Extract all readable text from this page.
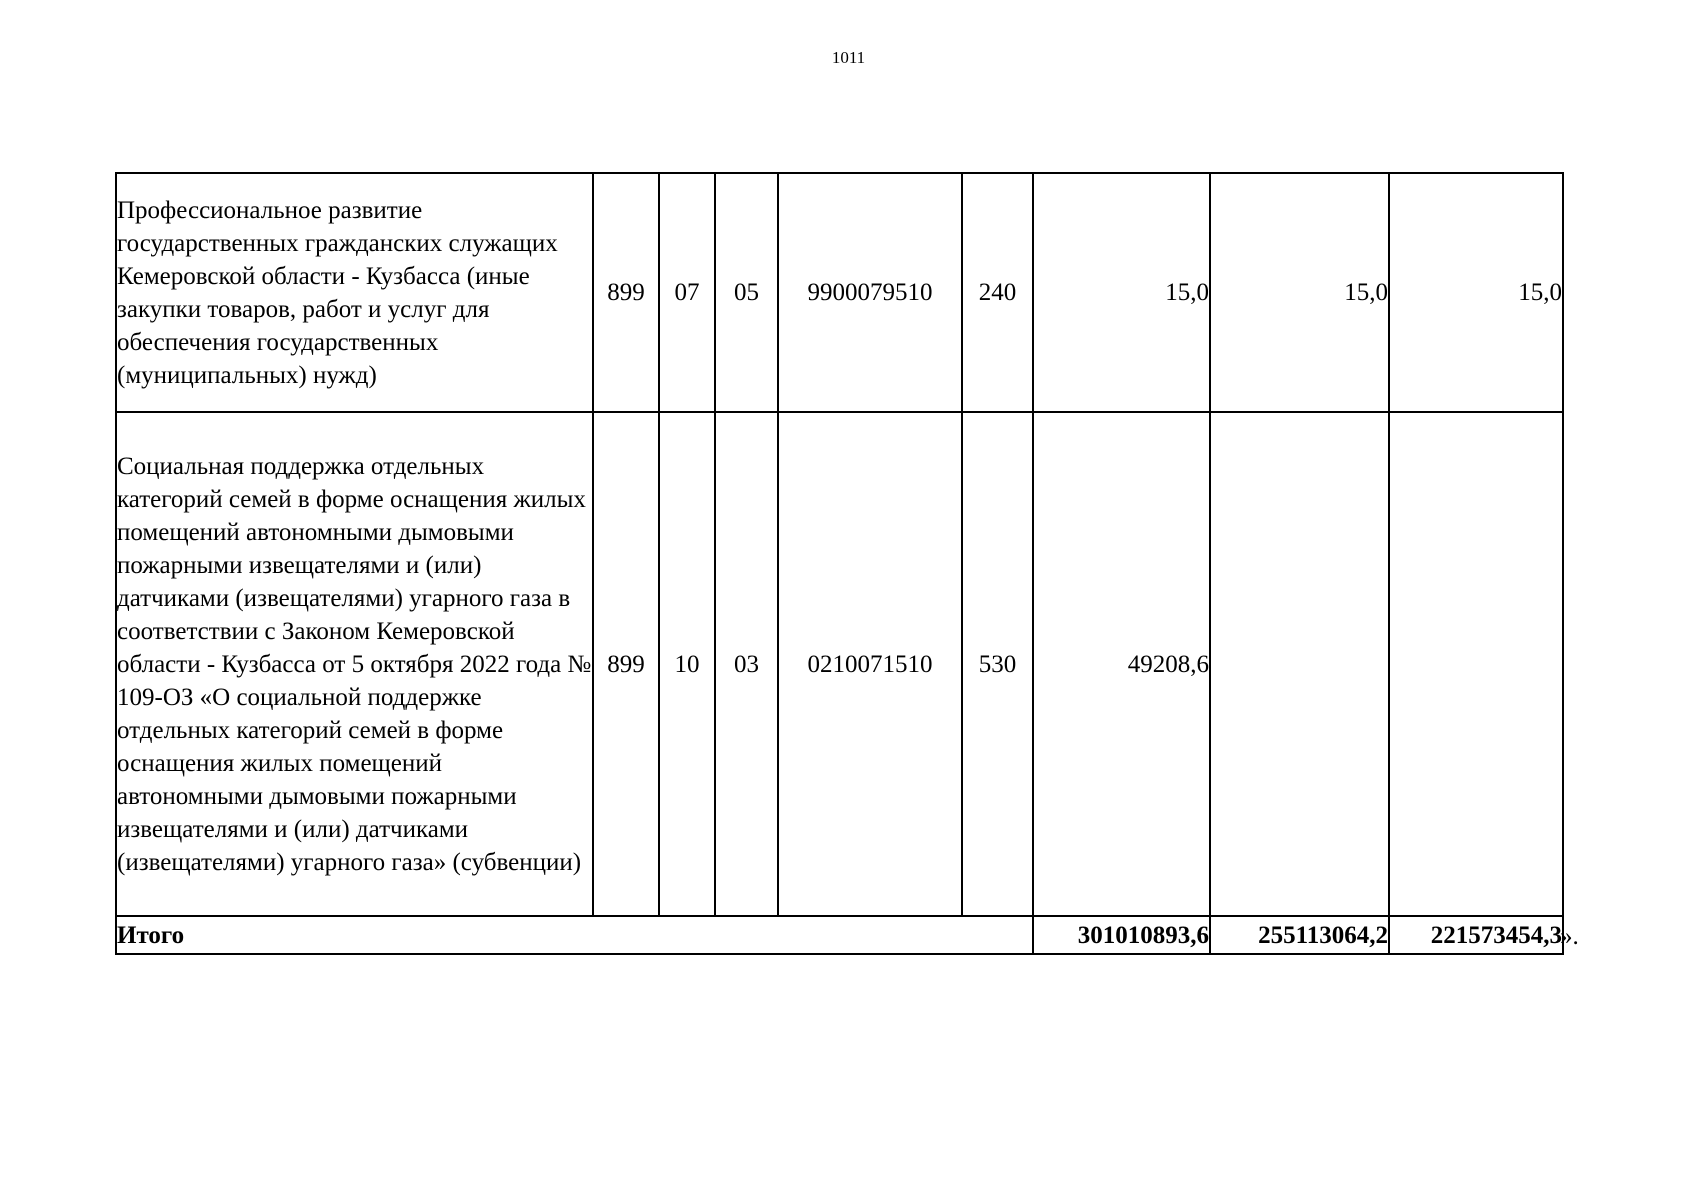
1011
Профессиональное развитие государственных гражданских служащих Кемеровской области - Кузбасса (иные закупки товаров, работ и услуг для обеспечения государственных (муниципальных) нужд)	899	07	05	9900079510	240	15,0	15,0	15,0

Социальная поддержка отдельных категорий семей в форме оснащения жилых помещений автономными дымовыми пожарными извещателями и (или) датчиками (извещателями) угарного газа в соответствии с Законом Кемеровской области - Кузбасса от 5 октября 2022 года № 109-ОЗ «О социальной поддержке отдельных категорий семей в форме оснащения жилых помещений автономными дымовыми пожарными извещателями и (или) датчиками (извещателями) угарного газа» (субвенции)	899	10	03	0210071510	530	49208,6		
Итого						301010893,6	255113064,2	221573454,3
».
